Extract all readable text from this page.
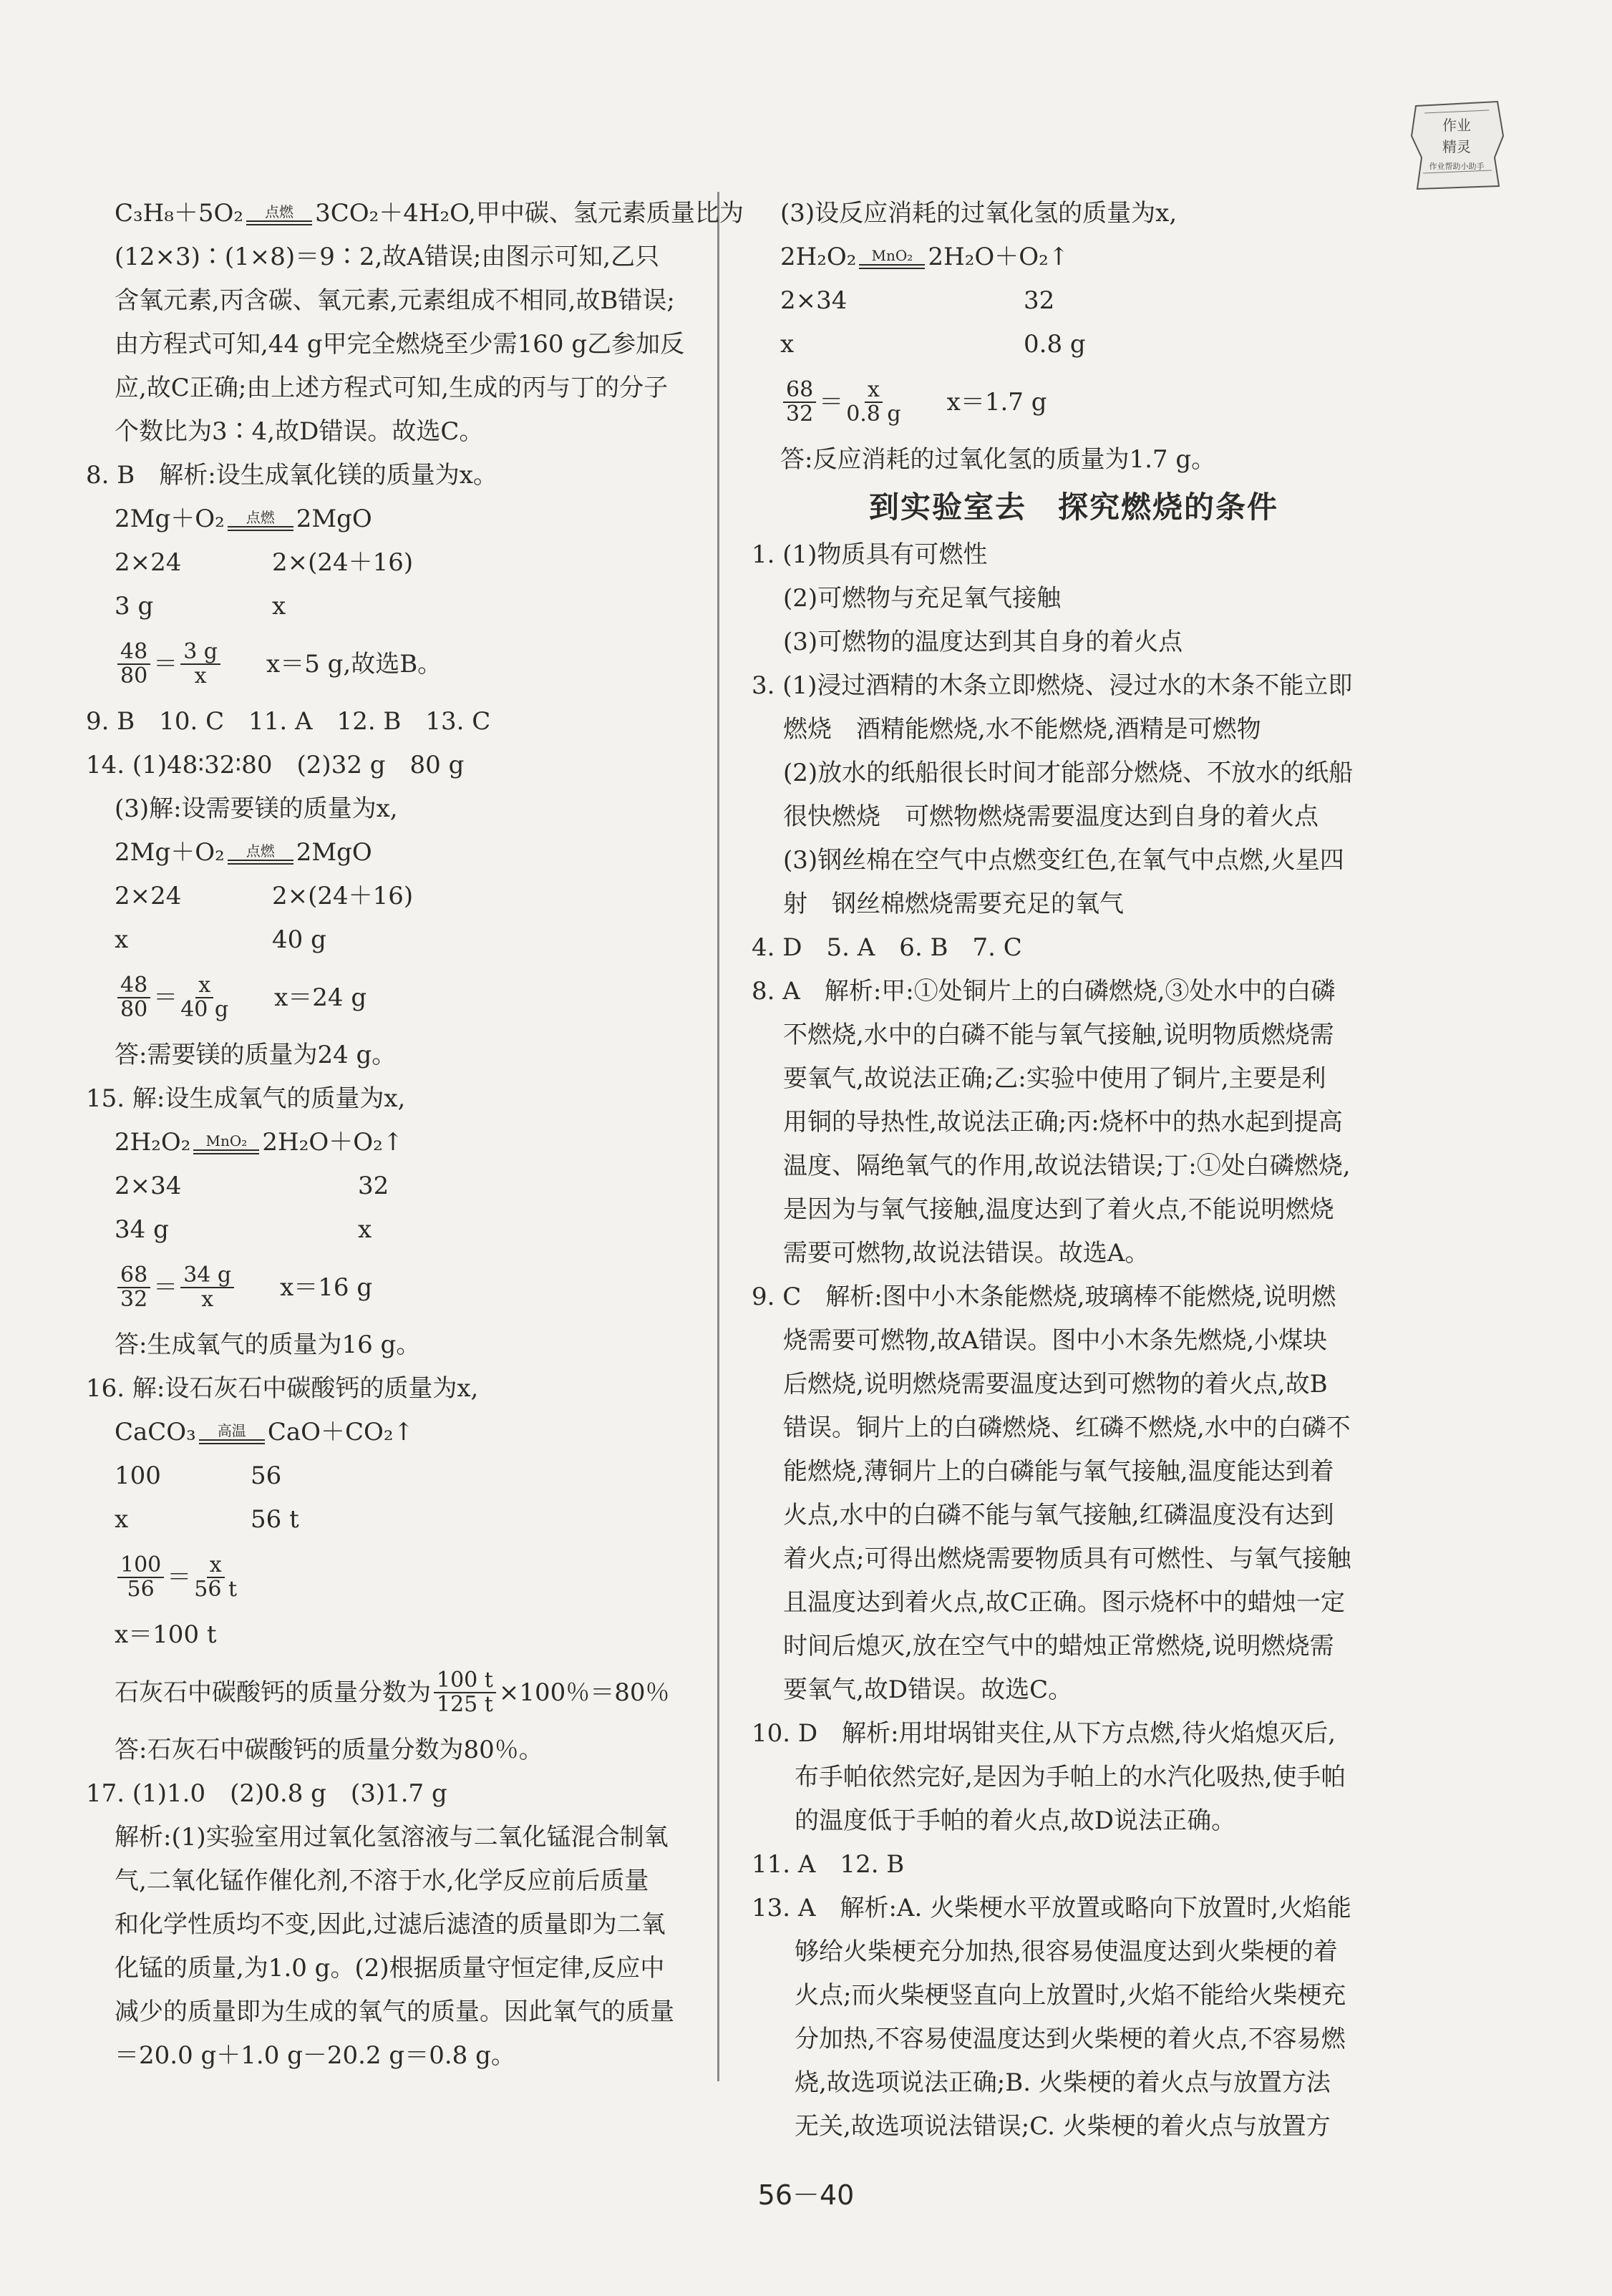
作业
精灵
作业帮助小助手
C₃H₈＋5O₂	点燃 3CO₂＋4H₂O,甲中碳、氢元素质量比为
(12×3)∶(1×8)＝9∶2,故A错误;由图示可知,乙只
含氧元素,丙含碳、氧元素,元素组成不相同,故B错误;
由方程式可知,44 g甲完全燃烧至少需160 g乙参加反
应,故C正确;由上述方程式可知,生成的丙与丁的分子
个数比为3∶4,故D错误。故选C。
8. B　解析:设生成氧化镁的质量为x。
2Mg＋O₂	点燃 2MgO
2×24	2×(24＋16)
3 g	x
$\frac{48}{80} = \frac{3 g}{x} x=5$ g,故选B。
9. B　10. C　11. A　12. B　13. C
14. (1)48∶32∶80　(2)32 g　80 g
(3)解:设需要镁的质量为x,
2Mg＋O₂	点燃 2MgO
2×24	2×(24＋16)
x	40 g
$\frac{48}{80} = \frac{x}{40 g} x=24$ g
答:需要镁的质量为24 g。
15. 解:设生成氧气的质量为x,
2H₂O₂	MnO₂ 2H₂O＋O₂↑
2×34	32
34 g	x
$\frac{68}{32} = \frac{34 g}{x} x=16$ g
答:生成氧气的质量为16 g。
16. 解:设石灰石中碳酸钙的质量为x,
CaCO₃	高温 CaO＋CO₂↑
100	56
x	56 t
$\frac{100}{56} = \frac{x}{56 t}$
x＝100 t
石灰石中碳酸钙的质量分数为 $\frac{100 t}{125 t} \times 100$％＝80％
答:石灰石中碳酸钙的质量分数为80％。
17. (1)1.0　(2)0.8 g　(3)1.7 g
解析:(1)实验室用过氧化氢溶液与二氧化锰混合制氧
气,二氧化锰作催化剂,不溶于水,化学反应前后质量
和化学性质均不变,因此,过滤后滤渣的质量即为二氧
化锰的质量,为1.0 g。(2)根据质量守恒定律,反应中
减少的质量即为生成的氧气的质量。因此氧气的质量
＝20.0 g＋1.0 g－20.2 g＝0.8 g。
(3)设反应消耗的过氧化氢的质量为x,
2H₂O₂	MnO₂ 2H₂O＋O₂↑
2×34	32
x	0.8 g
$\frac{68}{32} = \frac{x}{0.8 g} x=1.7$ g
答:反应消耗的过氧化氢的质量为1.7 g。
到实验室去　探究燃烧的条件
1. (1)物质具有可燃性
(2)可燃物与充足氧气接触
(3)可燃物的温度达到其自身的着火点
3. (1)浸过酒精的木条立即燃烧、浸过水的木条不能立即
燃烧　酒精能燃烧,水不能燃烧,酒精是可燃物
(2)放水的纸船很长时间才能部分燃烧、不放水的纸船
很快燃烧　可燃物燃烧需要温度达到自身的着火点
(3)钢丝棉在空气中点燃变红色,在氧气中点燃,火星四
射　钢丝棉燃烧需要充足的氧气
4. D　5. A　6. B　7. C
8. A　解析:甲:①处铜片上的白磷燃烧,③处水中的白磷
不燃烧,水中的白磷不能与氧气接触,说明物质燃烧需
要氧气,故说法正确;乙:实验中使用了铜片,主要是利
用铜的导热性,故说法正确;丙:烧杯中的热水起到提高
温度、隔绝氧气的作用,故说法错误;丁:①处白磷燃烧,
是因为与氧气接触,温度达到了着火点,不能说明燃烧
需要可燃物,故说法错误。故选A。
9. C　解析:图中小木条能燃烧,玻璃棒不能燃烧,说明燃
烧需要可燃物,故A错误。图中小木条先燃烧,小煤块
后燃烧,说明燃烧需要温度达到可燃物的着火点,故B
错误。铜片上的白磷燃烧、红磷不燃烧,水中的白磷不
能燃烧,薄铜片上的白磷能与氧气接触,温度能达到着
火点,水中的白磷不能与氧气接触,红磷温度没有达到
着火点;可得出燃烧需要物质具有可燃性、与氧气接触
且温度达到着火点,故C正确。图示烧杯中的蜡烛一定
时间后熄灭,放在空气中的蜡烛正常燃烧,说明燃烧需
要氧气,故D错误。故选C。
10. D　解析:用坩埚钳夹住,从下方点燃,待火焰熄灭后,
布手帕依然完好,是因为手帕上的水汽化吸热,使手帕
的温度低于手帕的着火点,故D说法正确。
11. A　12. B
13. A　解析:A. 火柴梗水平放置或略向下放置时,火焰能
够给火柴梗充分加热,很容易使温度达到火柴梗的着
火点;而火柴梗竖直向上放置时,火焰不能给火柴梗充
分加热,不容易使温度达到火柴梗的着火点,不容易燃
烧,故选项说法正确;B. 火柴梗的着火点与放置方法
无关,故选项说法错误;C. 火柴梗的着火点与放置方
56－40
